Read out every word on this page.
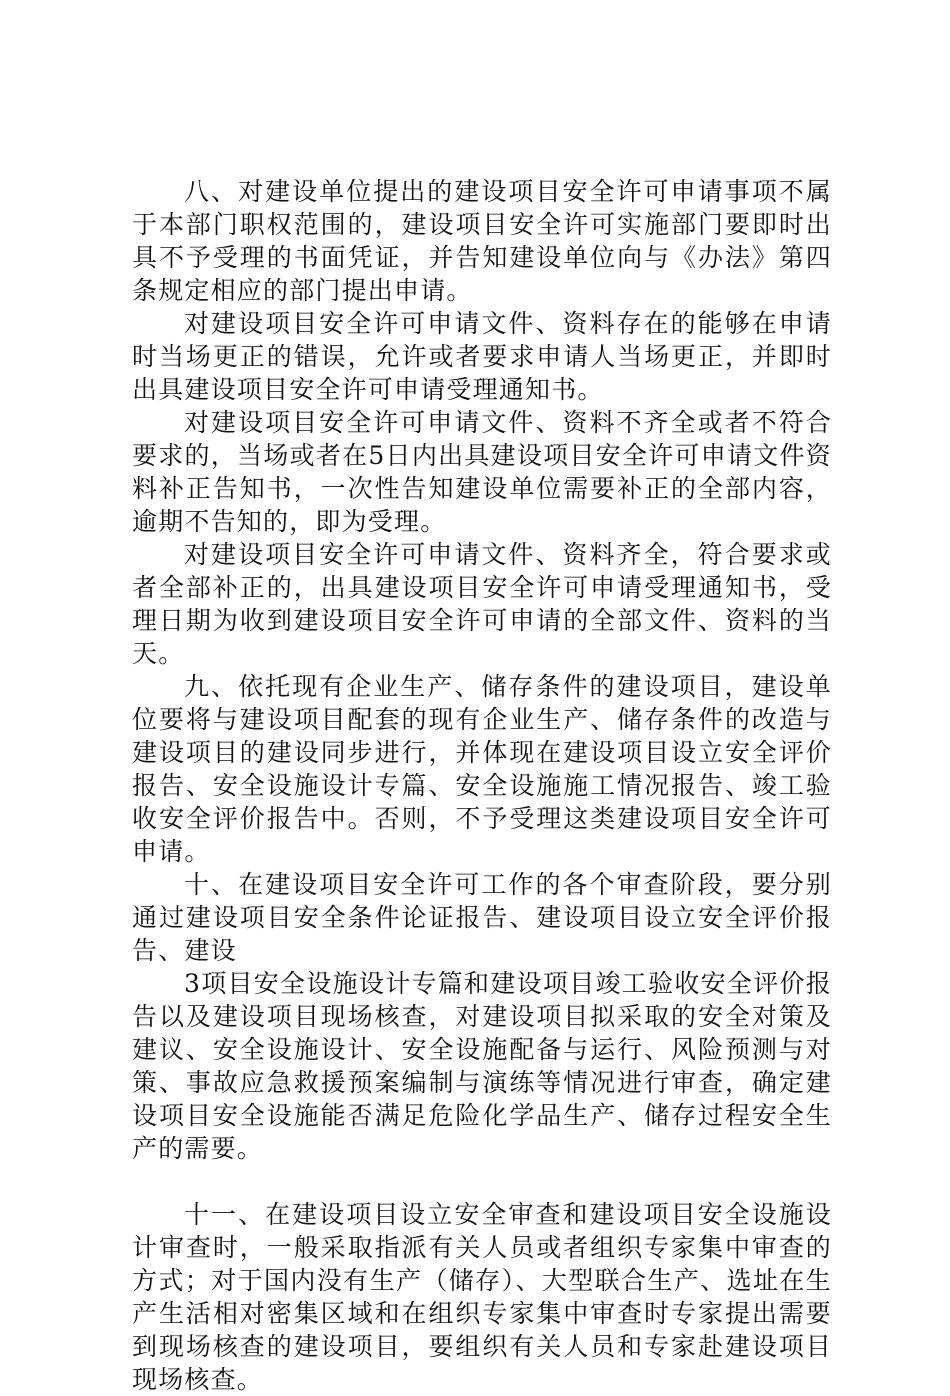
八、对建设单位提出的建设项目安全许可申请事项不属于本部门职权范围的，建设项目安全许可实施部门要即时出具不予受理的书面凭证，并告知建设单位向与《办法》第四条规定相应的部门提出申请。

对建设项目安全许可申请文件、资料存在的能够在申请时当场更正的错误，允许或者要求申请人当场更正，并即时出具建设项目安全许可申请受理通知书。

对建设项目安全许可申请文件、资料不齐全或者不符合要求的，当场或者在5日内出具建设项目安全许可申请文件资料补正告知书，一次性告知建设单位需要补正的全部内容，逾期不告知的，即为受理。

对建设项目安全许可申请文件、资料齐全，符合要求或者全部补正的，出具建设项目安全许可申请受理通知书，受理日期为收到建设项目安全许可申请的全部文件、资料的当天。

九、依托现有企业生产、储存条件的建设项目，建设单位要将与建设项目配套的现有企业生产、储存条件的改造与建设项目的建设同步进行，并体现在建设项目设立安全评价报告、安全设施设计专篇、安全设施施工情况报告、竣工验收安全评价报告中。否则，不予受理这类建设项目安全许可申请。

十、在建设项目安全许可工作的各个审查阶段，要分别通过建设项目安全条件论证报告、建设项目设立安全评价报告、建设

3项目安全设施设计专篇和建设项目竣工验收安全评价报告以及建设项目现场核查，对建设项目拟采取的安全对策及建议、安全设施设计、安全设施配备与运行、风险预测与对策、事故应急救援预案编制与演练等情况进行审查，确定建设项目安全设施能否满足危险化学品生产、储存过程安全生产的需要。

十一、在建设项目设立安全审查和建设项目安全设施设计审查时，一般采取指派有关人员或者组织专家集中审查的方式；对于国内没有生产（储存）、大型联合生产、选址在生产生活相对密集区域和在组织专家集中审查时专家提出需要到现场核查的建设项目，要组织有关人员和专家赴建设项目现场核查。
